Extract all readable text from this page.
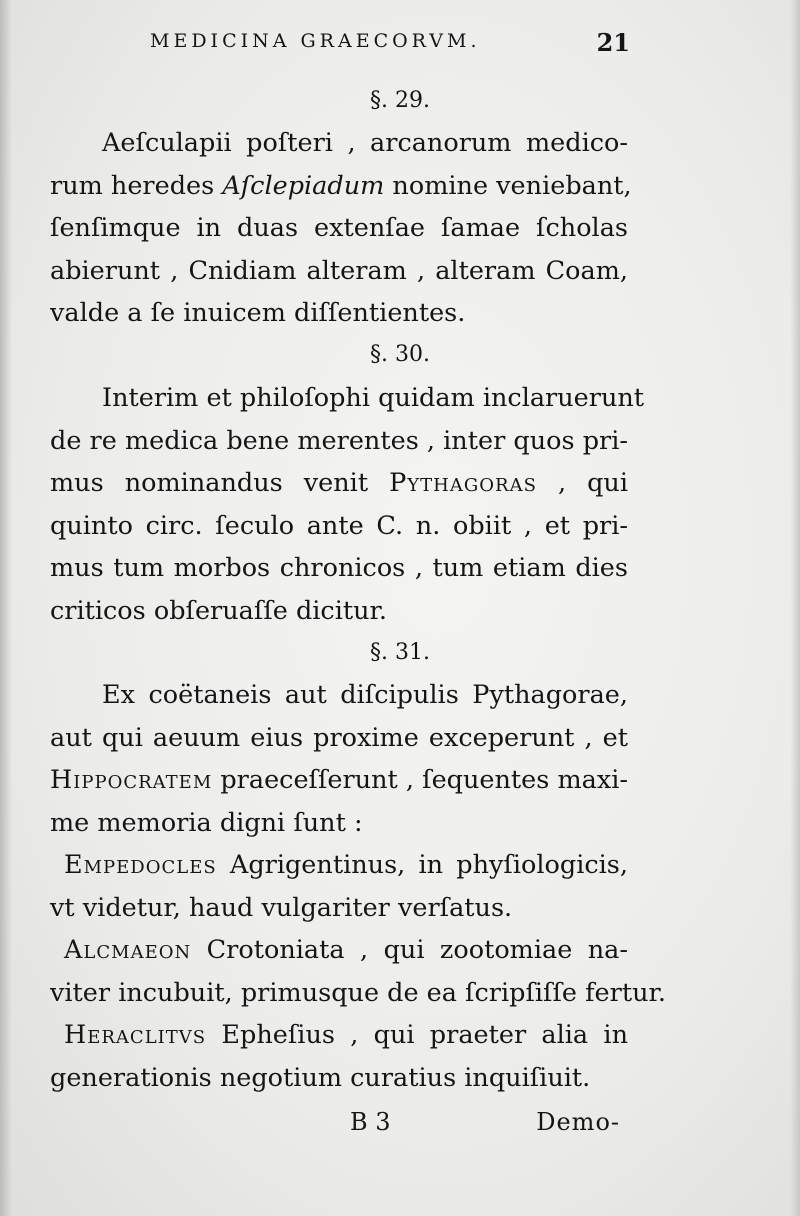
MEDICINA GRAECORVM.	21
§. 29.
Aeſculapii poſteri , arcanorum medico-
rum heredes Aſclepiadum nomine veniebant,
ſenſimque in duas extenſae ſamae ſcholas
abierunt , Cnidiam alteram , alteram Coam,
valde a ſe inuicem diſſentientes.
§. 30.
Interim et philoſophi quidam inclaruerunt
de re medica bene merentes , inter quos pri-
mus nominandus venit Pythagoras , qui
quinto circ. ſeculo ante C. n. obiit , et pri-
mus tum morbos chronicos , tum etiam dies
criticos obſeruaſſe dicitur.
§. 31.
Ex coëtaneis aut diſcipulis Pythagorae,
aut qui aeuum eius proxime exceperunt , et
Hippocratem praeceſſerunt , ſequentes maxi-
me memoria digni ſunt :
Empedocles Agrigentinus, in phyſiologicis,
vt videtur, haud vulgariter verſatus.
Alcmaeon Crotoniata , qui zootomiae na-
viter incubuit, primusque de ea ſcripſiſſe fertur.
Heraclitvs Epheſius , qui praeter alia in
generationis negotium curatius inquiſiuit.
B 3	Demo-
